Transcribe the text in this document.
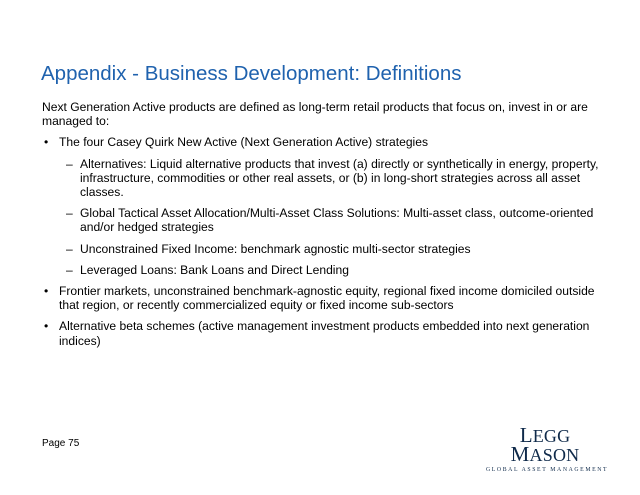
Appendix - Business Development: Definitions

Next Generation Active products are defined as long-term retail products that focus on, invest in or are managed to:

• The four Casey Quirk New Active (Next Generation Active) strategies
– Alternatives: Liquid alternative products that invest (a) directly or synthetically in energy, property, infrastructure, commodities or other real assets, or (b) in long-short strategies across all asset classes.
– Global Tactical Asset Allocation/Multi-Asset Class Solutions: Multi-asset class, outcome-oriented and/or hedged strategies
– Unconstrained Fixed Income: benchmark agnostic multi-sector strategies
– Leveraged Loans: Bank Loans and Direct Lending
• Frontier markets, unconstrained benchmark-agnostic equity, regional fixed income domiciled outside that region, or recently commercialized equity or fixed income sub-sectors
• Alternative beta schemes (active management investment products embedded into next generation indices)
Page 75	LEGG MASON
GLOBAL ASSET MANAGEMENT
